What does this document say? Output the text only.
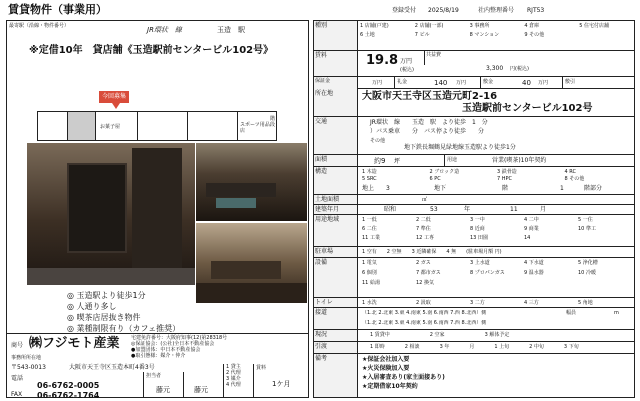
賃貸物件（事業用）	登録受付 2025/8/19	社内整理番号 RJT53
最寄駅（沿線・物件番号）	JR環状　線	玉造　駅
※定借10年　貸店舗《玉造駅前センタービル102号》
今回募集
お菓子屋	スポーツ用品店
階段
◎ 玉造駅より徒歩1分
◎ 人通り多し
◎ 喫茶店居抜き物件
◎ 業種制限有り（カフェ推奨）
商号 ㈱フジモト産業 宅建免許番号：大阪府知事(12)第28318号
◎保証協会：(公社)全日本不動産協会
●加盟団体：中日本不動産協会
●取引態様：媒介・仲介
事務所所在地
〒543-0013	大阪市天王寺区玉造本町4番3号
電話
06-6762-0005
FAX 06-6762-1764
担当者
藤元	藤元
1 貸主
2 代理
3 媒介
4 代理
賃料
1ケ月
種別	1 店舗(戸建)	2 店舗(一部)	3 事務所	4 倉庫	5 住宅付店舗
6 土地	7 ビル	8 マンション	9 その他
賃料	19.8 万円
(税込)
共益費
3,300 円(税込)
保証金	万円	礼金	140 万円	敷金	40 万円	敷引
所在地	大阪市天王寺区玉造元町2-16
玉造駅前センタービル102号
交通	JR環状　線　　玉造　駅　より徒歩　1　分
）バス乗車　　分　バス停より徒歩　　分
その他
地下鉄長堀鶴見緑地線玉造駅より徒歩1分
面積	約9 坪	用途	営業(喫茶)10年契約
構造	1 木造	2 ブロック造	3 鉄骨造	4 RC
5 SRC	6 PC	7 HPC	8 その他
地上 3	地下	階	1	階部分
土地面積	㎡
建築年月	昭和	53	年	11	月
用途地域	1 一低	2 二低	3 一中	4 二中	5 一住
6 二住	7 準住	8 近商	9 商業	10 準工
11 工業	12 工専	13 田園	14
駐車場	1 空有 2 空無 3 近隣確保 4 無 (駐車場月額 円)
設備	1 電気	2 ガス	3 上水道	4 下水道	5 浄化槽
6 個別	7 都市ガス	8 プロパンガス	9 温水器	10 冷暖
11 給湯	12 換気
トイレ	1 水洗	2 汲取	3 二方	4 三方	5 角地
接道	（1.北 2.北東 3.東 4.南東 5.南 6.南西 7.西 8.北西）側
（1.北 2.北東 3.東 4.南東 5.南 6.南西 7.西 8.北西）側
幅員	m
現況	1 賃貸中	2 空家	3 解体予定
引渡	1 即時	2 相談	3 年	月	1 上旬	2 中旬	3 下旬
備考	★保証会社加入要
★火災保険加入要
★入居審査あり(家主面接あり)
★定期借家10年契約
